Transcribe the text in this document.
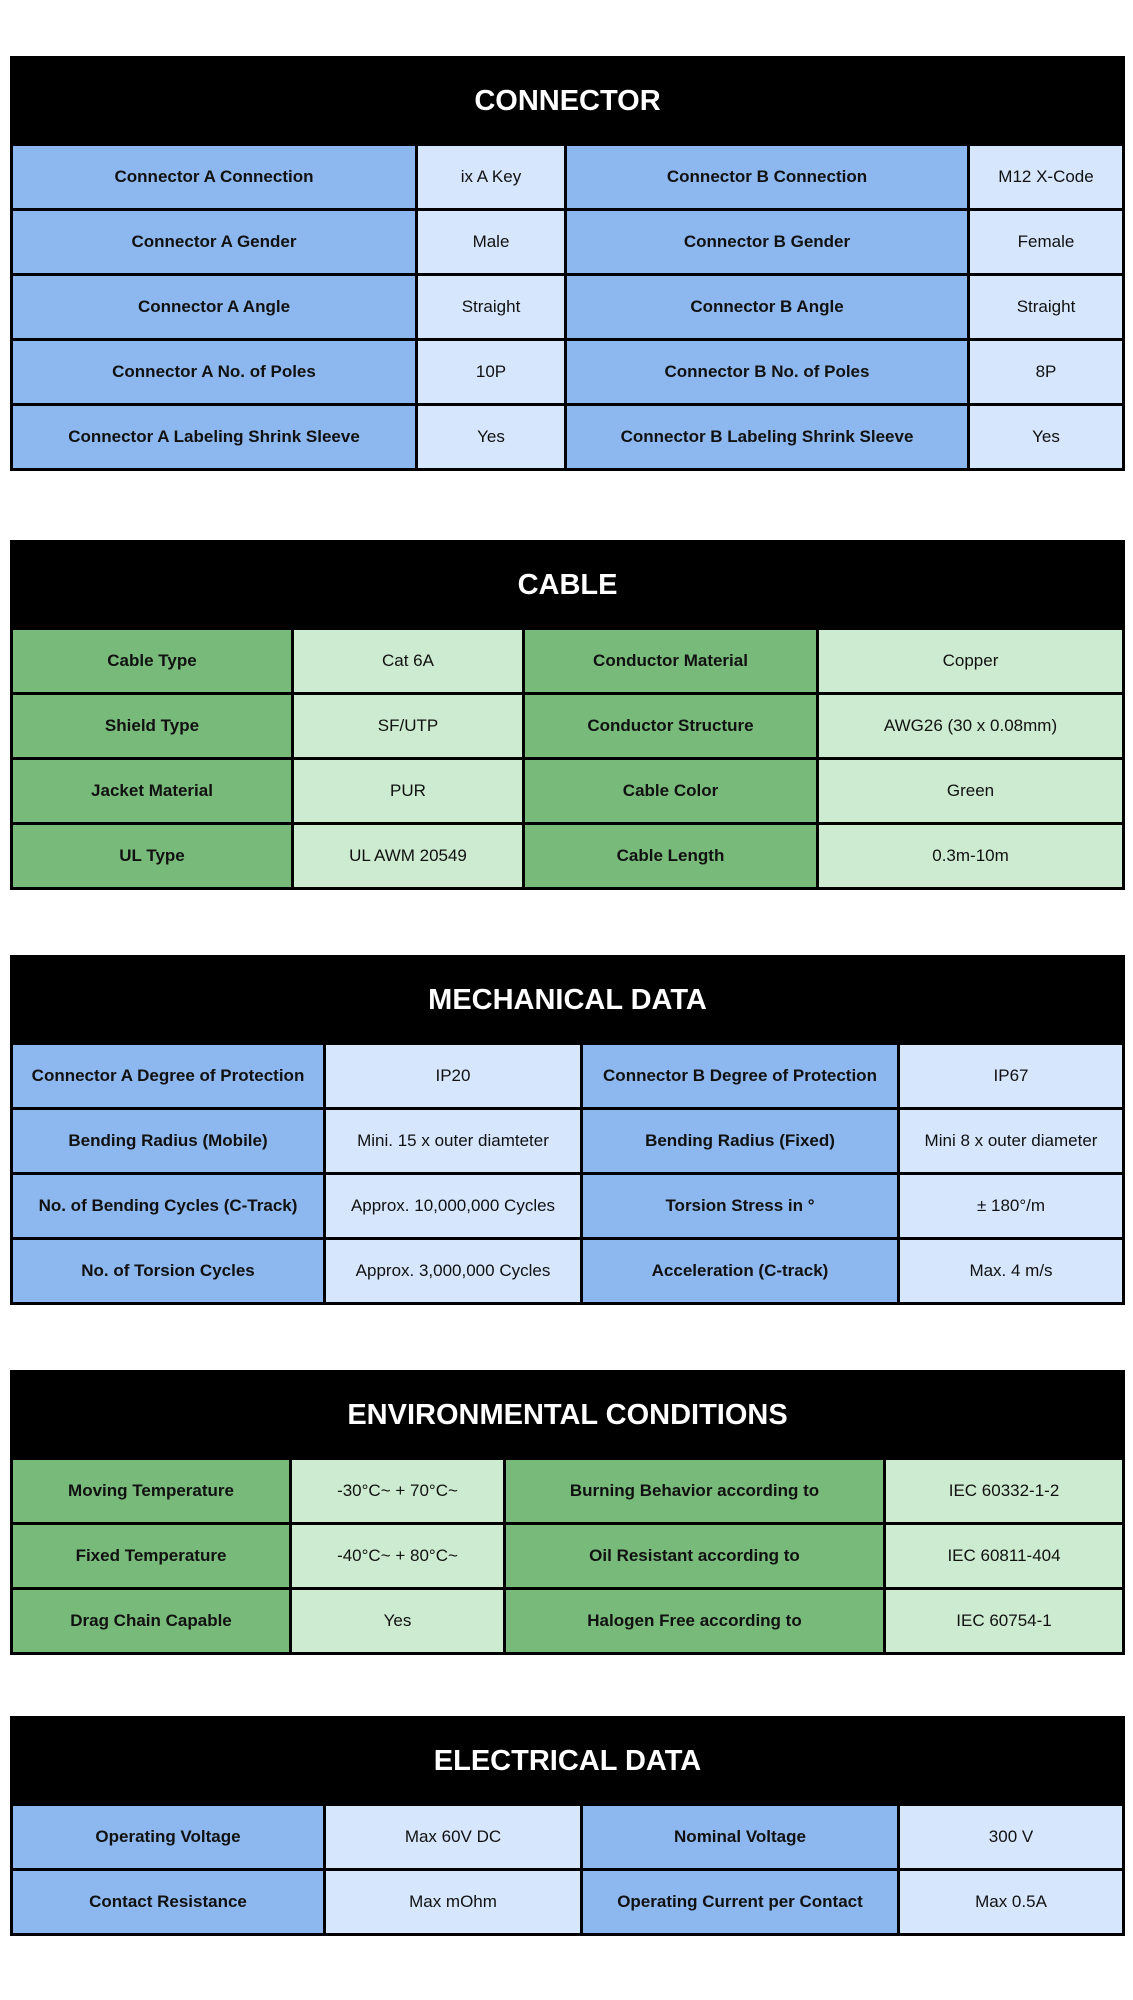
CONNECTOR			
Connector A Connection	ix A Key	Connector B Connection	M12 X-Code
Connector A Gender	Male	Connector B Gender	Female
Connector A Angle	Straight	Connector B Angle	Straight
Connector A No. of Poles	10P	Connector B No. of Poles	8P
Connector A Labeling Shrink Sleeve	Yes	Connector B Labeling Shrink Sleeve	Yes
CABLE			
Cable Type	Cat 6A	Conductor Material	Copper
Shield Type	SF/UTP	Conductor Structure	AWG26 (30 x 0.08mm)
Jacket Material	PUR	Cable Color	Green
UL Type	UL AWM 20549	Cable Length	0.3m-10m
MECHANICAL DATA			
Connector A Degree of Protection	IP20	Connector B Degree of Protection	IP67
Bending Radius (Mobile)	Mini. 15 x outer diamteter	Bending Radius (Fixed)	Mini 8 x outer diameter
No. of Bending Cycles (C-Track)	Approx. 10,000,000 Cycles	Torsion Stress in °	± 180°/m
No. of Torsion Cycles	Approx. 3,000,000 Cycles	Acceleration (C-track)	Max. 4 m/s
ENVIRONMENTAL CONDITIONS			
Moving Temperature	-30°C~ + 70°C~	Burning Behavior according to	IEC 60332-1-2
Fixed Temperature	-40°C~ + 80°C~	Oil Resistant according to	IEC 60811-404
Drag Chain Capable	Yes	Halogen Free according to	IEC 60754-1
ELECTRICAL DATA			
Operating Voltage	Max 60V DC	Nominal Voltage	300 V
Contact Resistance	Max mOhm	Operating Current per Contact	Max 0.5A
